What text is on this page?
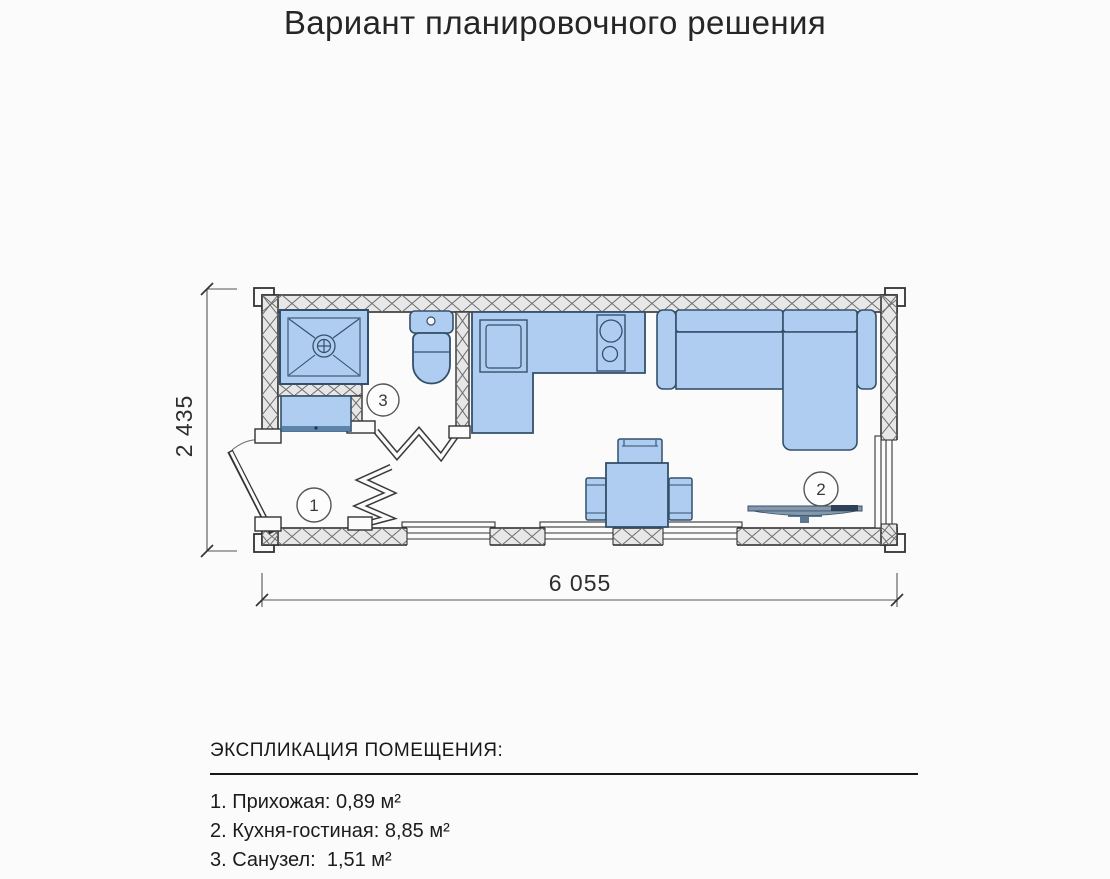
Вариант планировочного решения
1
2
3
2 435
6 055
ЭКСПЛИКАЦИЯ ПОМЕЩЕНИЯ:
1. Прихожая: 0,89 м²
2. Кухня-гостиная: 8,85 м²
3. Санузел:  1,51 м²
